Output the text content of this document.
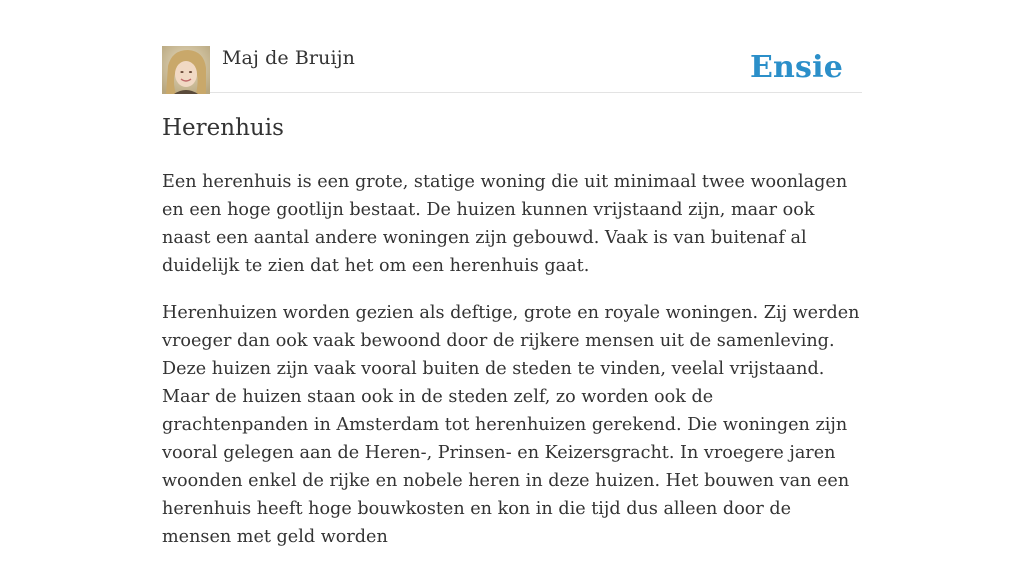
Maj de Bruijn	Ensie
Herenhuis

Een herenhuis is een grote, statige woning die uit minimaal twee woonlagen en een hoge gootlijn bestaat. De huizen kunnen vrijstaand zijn, maar ook naast een aantal andere woningen zijn gebouwd. Vaak is van buitenaf al duidelijk te zien dat het om een herenhuis gaat.

Herenhuizen worden gezien als deftige, grote en royale woningen. Zij werden vroeger dan ook vaak bewoond door de rijkere mensen uit de samenleving. Deze huizen zijn vaak vooral buiten de steden te vinden, veelal vrijstaand. Maar de huizen staan ook in de steden zelf, zo worden ook de grachtenpanden in Amsterdam tot herenhuizen gerekend. Die woningen zijn vooral gelegen aan de Heren-, Prinsen- en Keizersgracht. In vroegere jaren woonden enkel de rijke en nobele heren in deze huizen. Het bouwen van een herenhuis heeft hoge bouwkosten en kon in die tijd dus alleen door de mensen met geld worden
